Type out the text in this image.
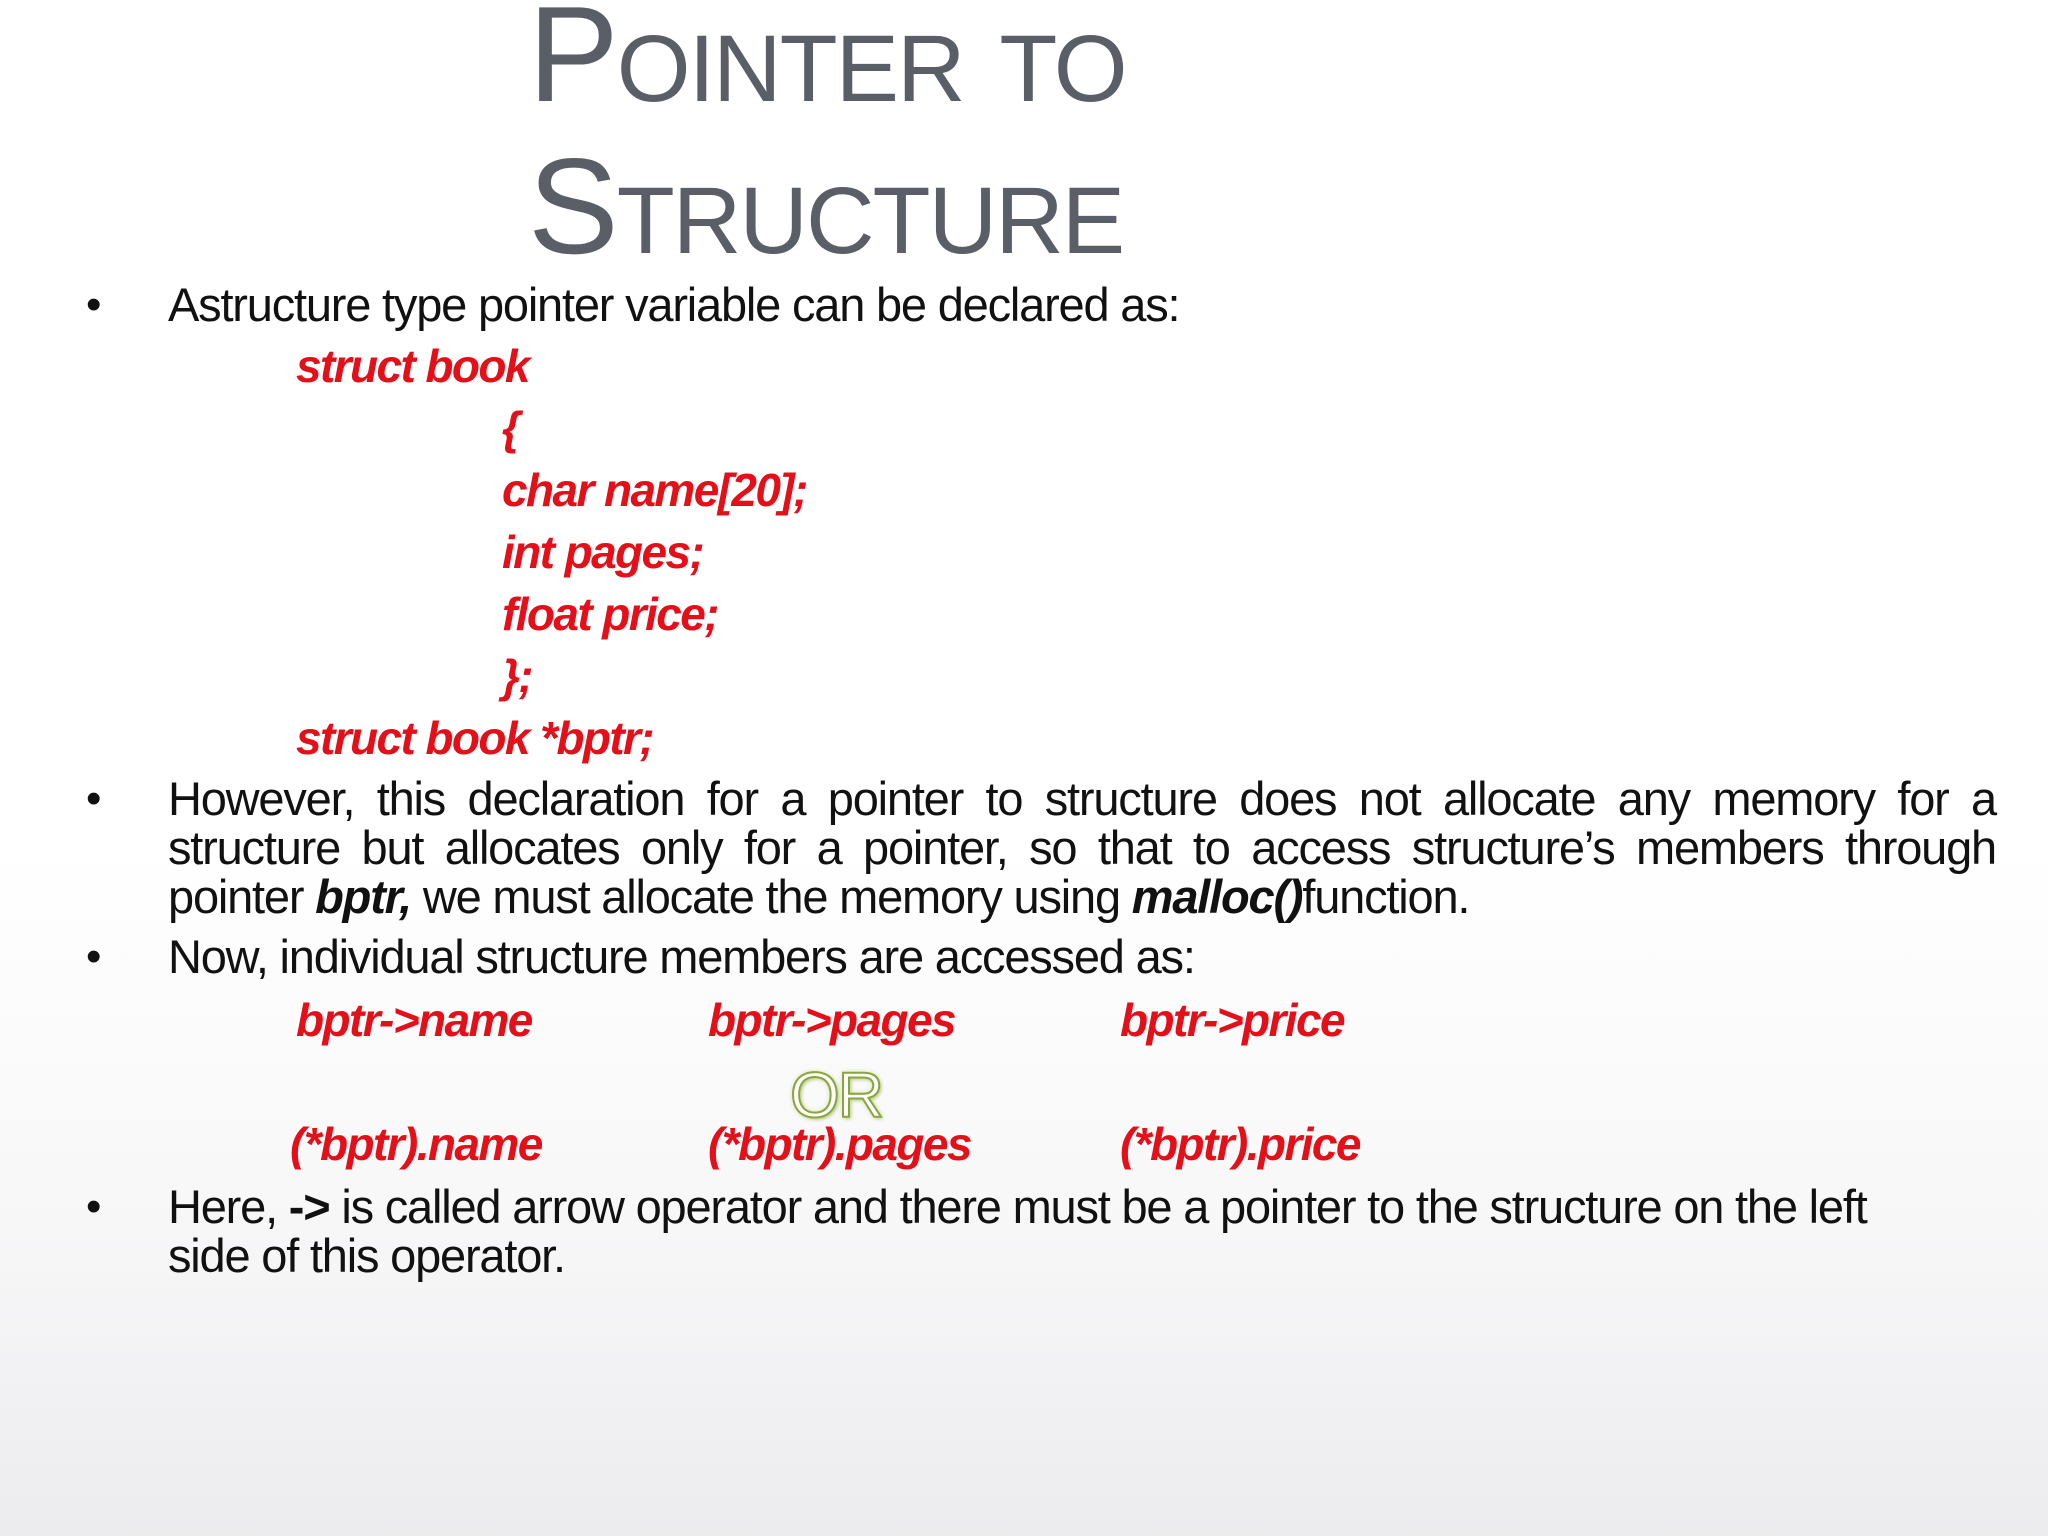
Pointer to
Structure
•	Astructure type pointer variable can be declared as:
struct book
{
char name[20];
int pages;
float price;
};
struct book *bptr;
•	However, this declaration for a pointer to structure does not allocate any memory for a structure but allocates only for a pointer, so that to access structure’s members through pointer bptr, we must allocate the memory using malloc()function.
•	Now, individual structure members are accessed as:
bptr->name	bptr->pages	bptr->price
OR
(*bptr).name	(*bptr).pages	(*bptr).price
•	Here, -> is called arrow operator and there must be a pointer to the structure on the left side of this operator.
